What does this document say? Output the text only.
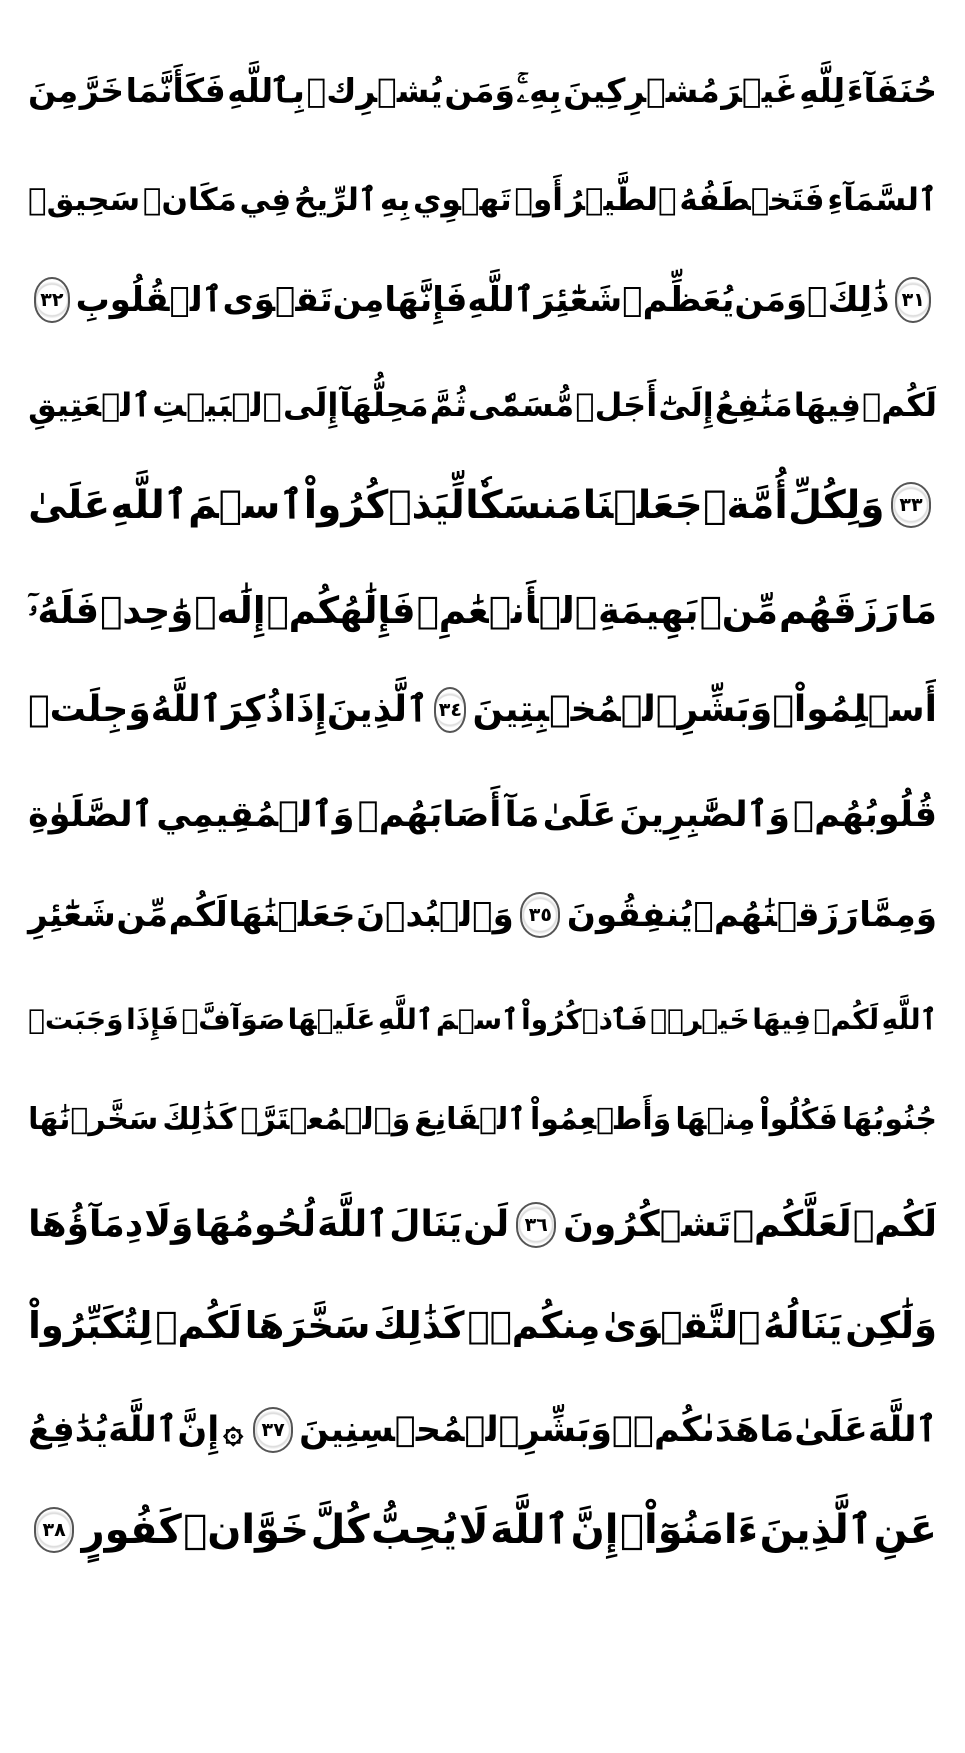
حُنَفَآءَ
لِلَّهِ
غَيۡرَ
مُشۡرِكِينَ
بِهِۦۚ
وَمَن
يُشۡرِكۡ
بِٱللَّهِ
فَكَأَنَّمَا
خَرَّ
مِنَ
ٱلسَّمَآءِ
فَتَخۡطَفُهُ
ٱلطَّيۡرُ
أَوۡ
تَهۡوِي
بِهِ
ٱلرِّيحُ
فِي
مَكَانٖ
سَحِيقٖ
٣١
ذَٰلِكَۖ
وَمَن
يُعَظِّمۡ
شَعَٰٓئِرَ
ٱللَّهِ
فَإِنَّهَا
مِن
تَقۡوَى
ٱلۡقُلُوبِ
٣٢
لَكُمۡ
فِيهَا
مَنَٰفِعُ
إِلَىٰٓ
أَجَلٖ
مُّسَمّٗى
ثُمَّ
مَحِلُّهَآ
إِلَى
ٱلۡبَيۡتِ
ٱلۡعَتِيقِ
٣٣
وَلِكُلِّ
أُمَّةٖ
جَعَلۡنَا
مَنسَكٗا
لِّيَذۡكُرُواْ
ٱسۡمَ
ٱللَّهِ
عَلَىٰ
مَا
رَزَقَهُم
مِّنۢ
بَهِيمَةِ
ٱلۡأَنۡعَٰمِۗ
فَإِلَٰهُكُمۡ
إِلَٰهٞ
وَٰحِدٞ
فَلَهُۥٓ
أَسۡلِمُواْۗ
وَبَشِّرِ
ٱلۡمُخۡبِتِينَ
٣٤
ٱلَّذِينَ
إِذَا
ذُكِرَ
ٱللَّهُ
وَجِلَتۡ
قُلُوبُهُمۡ
وَٱلصَّٰبِرِينَ
عَلَىٰ
مَآ
أَصَابَهُمۡ
وَٱلۡمُقِيمِي
ٱلصَّلَوٰةِ
وَمِمَّا
رَزَقۡنَٰهُمۡ
يُنفِقُونَ
٣٥
وَٱلۡبُدۡنَ
جَعَلۡنَٰهَا
لَكُم
مِّن
شَعَٰٓئِرِ
ٱللَّهِ
لَكُمۡ
فِيهَا
خَيۡرٞۖ
فَٱذۡكُرُواْ
ٱسۡمَ
ٱللَّهِ
عَلَيۡهَا
صَوَآفَّۖ
فَإِذَا
وَجَبَتۡ
جُنُوبُهَا
فَكُلُواْ
مِنۡهَا
وَأَطۡعِمُواْ
ٱلۡقَانِعَ
وَٱلۡمُعۡتَرَّۚ
كَذَٰلِكَ
سَخَّرۡنَٰهَا
لَكُمۡ
لَعَلَّكُمۡ
تَشۡكُرُونَ
٣٦
لَن
يَنَالَ
ٱللَّهَ
لُحُومُهَا
وَلَا
دِمَآؤُهَا
وَلَٰكِن
يَنَالُهُ
ٱلتَّقۡوَىٰ
مِنكُمۡۚ
كَذَٰلِكَ
سَخَّرَهَا
لَكُمۡ
لِتُكَبِّرُواْ
ٱللَّهَ
عَلَىٰ
مَا
هَدَىٰكُمۡۗ
وَبَشِّرِ
ٱلۡمُحۡسِنِينَ
٣٧
۞
إِنَّ
ٱللَّهَ
يُدَٰفِعُ
عَنِ
ٱلَّذِينَ
ءَامَنُوٓاْۗ
إِنَّ
ٱللَّهَ
لَا
يُحِبُّ
كُلَّ
خَوَّانٖ
كَفُورٍ
٣٨
